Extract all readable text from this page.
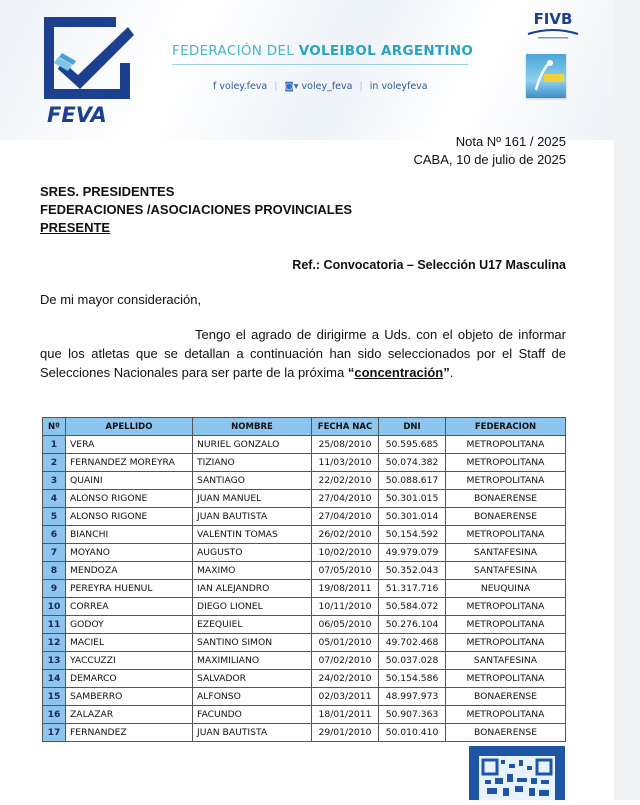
FEVA
FEDERACIÓN DEL VOLEIBOL ARGENTINO
f voley.feva | ◙▾ voley_feva | in voleyfeva
FIVB
Nota Nº 161 / 2025
CABA, 10 de julio de 2025
SRES. PRESIDENTES
FEDERACIONES /ASOCIACIONES PROVINCIALES
PRESENTE
Ref.: Convocatoria – Selección U17 Masculina
De mi mayor consideración,
Tengo el agrado de dirigirme a Uds. con el objeto de informar que los atletas que se detallan a continuación han sido seleccionados por el Staff de Selecciones Nacionales para ser parte de la próxima “concentración”.
Nº	APELLIDO	NOMBRE	FECHA NAC	DNI	FEDERACION
1	VERA	NURIEL GONZALO	25/08/2010	50.595.685	METROPOLITANA
2	FERNANDEZ MOREYRA	TIZIANO	11/03/2010	50.074.382	METROPOLITANA
3	QUAINI	SANTIAGO	22/02/2010	50.088.617	METROPOLITANA
4	ALONSO RIGONE	JUAN MANUEL	27/04/2010	50.301.015	BONAERENSE
5	ALONSO RIGONE	JUAN BAUTISTA	27/04/2010	50.301.014	BONAERENSE
6	BIANCHI	VALENTIN TOMAS	26/02/2010	50.154.592	METROPOLITANA
7	MOYANO	AUGUSTO	10/02/2010	49.979.079	SANTAFESINA
8	MENDOZA	MAXIMO	07/05/2010	50.352.043	SANTAFESINA
9	PEREYRA HUENUL	IAN ALEJANDRO	19/08/2011	51.317.716	NEUQUINA
10	CORREA	DIEGO LIONEL	10/11/2010	50.584.072	METROPOLITANA
11	GODOY	EZEQUIEL	06/05/2010	50.276.104	METROPOLITANA
12	MACIEL	SANTINO SIMON	05/01/2010	49.702.468	METROPOLITANA
13	YACCUZZI	MAXIMILIANO	07/02/2010	50.037.028	SANTAFESINA
14	DEMARCO	SALVADOR	24/02/2010	50.154.586	METROPOLITANA
15	SAMBERRO	ALFONSO	02/03/2011	48.997.973	BONAERENSE
16	ZALAZAR	FACUNDO	18/01/2011	50.907.363	METROPOLITANA
17	FERNANDEZ	JUAN BAUTISTA	29/01/2010	50.010.410	BONAERENSE
